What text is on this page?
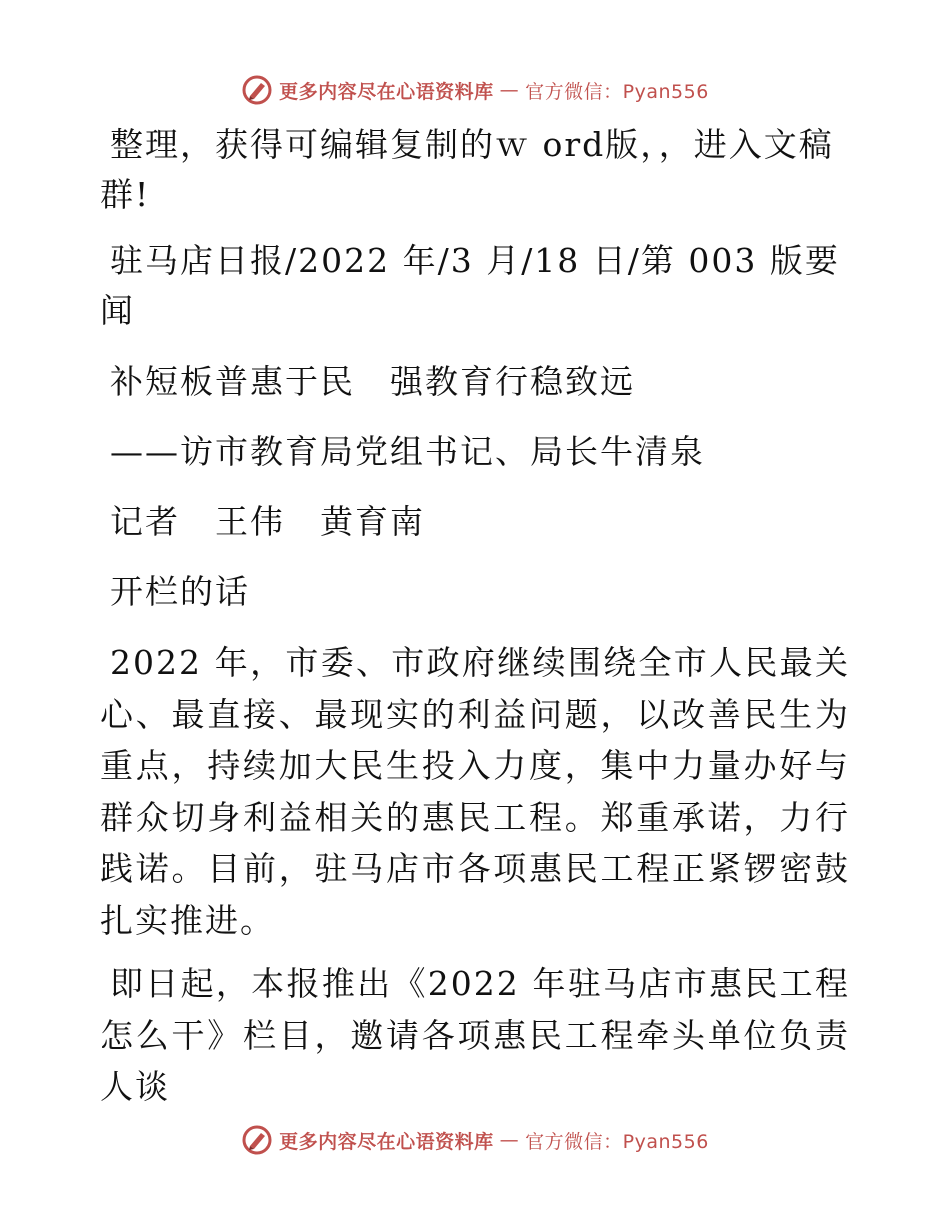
更多内容尽在心语资料库 — 官方微信：Pyan556

整理，获得可编辑复制的ｗ ord版，，进入文稿群!

驻马店日报/2022 年/3 月/18 日/第 003 版要闻

补短板普惠于民　强教育行稳致远

——访市教育局党组书记、局长牛清泉

记者　王伟　黄育南

开栏的话

2022 年，市委、市政府继续围绕全市人民最关心、最直接、最现实的利益问题，以改善民生为重点，持续加大民生投入力度，集中力量办好与群众切身利益相关的惠民工程。郑重承诺，力行践诺。目前，驻马店市各项惠民工程正紧锣密鼓扎实推进。

即日起，本报推出《2022 年驻马店市惠民工程怎么干》栏目，邀请各项惠民工程牵头单位负责人谈

更多内容尽在心语资料库 — 官方微信：Pyan556
